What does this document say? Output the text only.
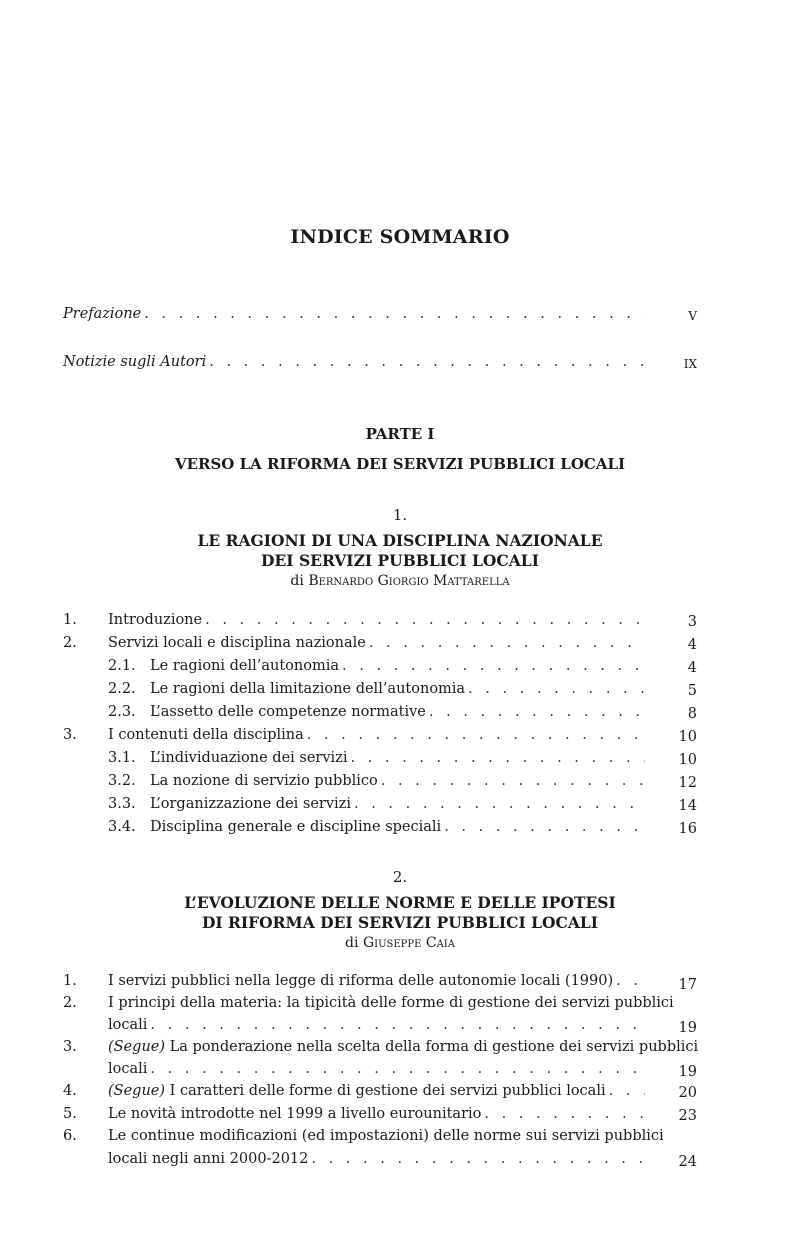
INDICE SOMMARIO
Prefazione . . .	V
Notizie sugli Autori . . .	IX
PARTE I
VERSO LA RIFORMA DEI SERVIZI PUBBLICI LOCALI
1.
LE RAGIONI DI UNA DISCIPLINA NAZIONALE
DEI SERVIZI PUBBLICI LOCALI
di Bernardo Giorgio Mattarella
1. Introduzione . . .	3
2. Servizi locali e disciplina nazionale . . .	4
2.1. Le ragioni dell’autonomia . . .	4
2.2. Le ragioni della limitazione dell’autonomia . . .	5
2.3. L’assetto delle competenze normative . . .	8
3. I contenuti della disciplina . . .	10
3.1. L’individuazione dei servizi . . .	10
3.2. La nozione di servizio pubblico . . .	12
3.3. L’organizzazione dei servizi . . .	14
3.4. Disciplina generale e discipline speciali . . .	16
2.
L’EVOLUZIONE DELLE NORME E DELLE IPOTESI
DI RIFORMA DEI SERVIZI PUBBLICI LOCALI
di Giuseppe Caia
1. I servizi pubblici nella legge di riforma delle autonomie locali (1990) . . .	17
2. I principi della materia: la tipicità delle forme di gestione dei servizi pubblici
locali . . .	19
3. (Segue) La ponderazione nella scelta della forma di gestione dei servizi pubblici
locali . . .	19
4. (Segue) I caratteri delle forme di gestione dei servizi pubblici locali . . .	20
5. Le novità introdotte nel 1999 a livello eurounitario . . .	23
6. Le continue modificazioni (ed impostazioni) delle norme sui servizi pubblici
locali negli anni 2000-2012 . . .	24
